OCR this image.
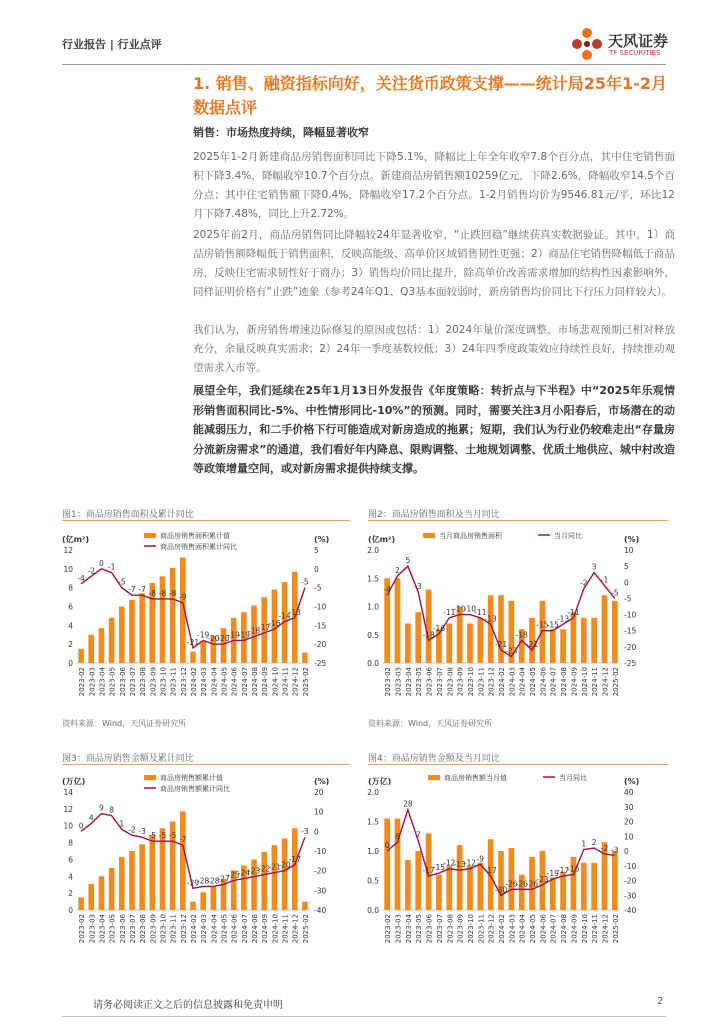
行业报告 | 行业点评	天风证券
TF SECURITIES
1. 销售、融资指标向好，关注货币政策支撑——统计局25年1-2月数据点评
销售：市场热度持续，降幅显著收窄
2025年1-2月新建商品房销售面积同比下降5.1%，降幅比上年全年收窄7.8个百分点，其中住宅销售面积下降3.4%，降幅收窄10.7个百分点。新建商品房销售额10259亿元，下降2.6%，降幅收窄14.5个百分点；其中住宅销售额下降0.4%，降幅收窄17.2个百分点。1-2月销售均价为9546.81元/平，环比12月下降7.48%，同比上升2.72%。
2025年前2月，商品房销售同比降幅较24年显著收窄，“止跌回稳”继续获真实数据验证。其中，1）商品房销售额降幅低于销售面积，反映高能级、高单价区域销售韧性更强；2）商品住宅销售降幅低于商品房，反映住宅需求韧性好于商办；3）销售均价同比提升，除高单价改善需求增加的结构性因素影响外，同样证明价格有“止跌”迹象（参考24年Q1、Q3基本面较弱时，新房销售均价同比下行压力同样较大）。
我们认为，新房销售增速边际修复的原因或包括：1）2024年量价深度调整，市场悲观预期已相对释放充分，余量反映真实需求；2）24年一季度基数较低；3）24年四季度政策效应持续性良好，持续推动观望需求入市等。
展望全年，我们延续在25年1月13日外发报告《年度策略：转折点与下半程》中“2025年乐观情形销售面积同比-5%、中性情形同比-10%”的预测。同时，需要关注3月小阳春后，市场潜在的动能减弱压力，和二手价格下行可能造成对新房造成的拖累；短期，我们认为行业仍较难走出“存量房分流新房需求”的通道，我们看好年内降息、限购调整、土地规划调整、优质土地供应、城中村改造等政策增量空间，或对新房需求提供持续支撑。
图1：商品房销售面积及累计同比
资料来源：Wind，天风证券研究所
图2：商品房销售面积及当月同比
资料来源：Wind，天风证券研究所
图3：商品房销售金额及累计同比	图4：商品房销售金额及当月同比
(亿m²)	(%)
商品房销售面积累计值
商品房销售面积累计同比
0
2
4
6
8
10
12	5
0
-5
-10
-15
-20
-25
-4
-2
0 -1
-5
-7 -7 -8 -8 -8 -9
-21
-19
-20
-20
-19
-19
-18
-17
-16
-14
-13
-5
2023-02 2023-03 2023-04 2023-05 2023-06 2023-07 2023-08 2023-09 2023-10 2023-11 2023-12 2024-02 2024-03 2024-04 2024-05 2024-06 2024-07 2024-08 2024-09 2024-10 2024-11 2024-12 2025-02
(亿m²)	(%)
当月商品房销售面积	当月同比
0.0
0.5
1.0
1.5
2.0	10
5
0
-5
-10
-15
-20
-25
-4
2
5
-3
-18
-16
-11
-10
-10
-11
-13
-21
-23
-18
-21
-15
-15
-13
-11
-2
3
-1
-5
2023-02 2023-03 2023-04 2023-05 2023-06 2023-07 2023-08 2023-09 2023-10 2023-11 2023-12 2024-02 2024-03 2024-04 2024-05 2024-06 2024-07 2024-08 2024-09 2024-10 2024-11 2024-12 2025-02
(万亿)	(%)
商品房销售额累计值
商品房销售额累计同比
0
2
4
6
8
10
12
14	20
10
0
-10
-20
-30
-40
0
4
9 8
1
-2 -3 -5 -5 -5 -7
-29
-28
-28
-27
-25
-24
-23
-22
-21
-20
-17
-3
2023-02 2023-03 2023-04 2023-05 2023-06 2023-07 2023-08 2023-09 2023-10 2023-11 2023-12 2024-02 2024-03 2024-04 2024-05 2024-06 2024-07 2024-08 2024-09 2024-10 2024-11 2024-12 2025-02
(万亿)	(%)
商品房销售额当月值	当月同比
0.0
0.5
1.0
1.5
2.0	40
30
20
10
0
-10
-20
-30
-40
0
6
28
7
-17
-15
-12
-13
-12 -9
-17
-30
-26
-26
-26
-23
-19
-17
-16
1 2
-2 -3
2023-02 2023-03 2023-04 2023-05 2023-06 2023-07 2023-08 2023-09 2023-10 2023-11 2023-12 2024-02 2024-03 2024-04 2024-05 2024-06 2024-07 2024-08 2024-09 2024-10 2024-11 2024-12 2025-02
请务必阅读正文之后的信息披露和免责申明	2
